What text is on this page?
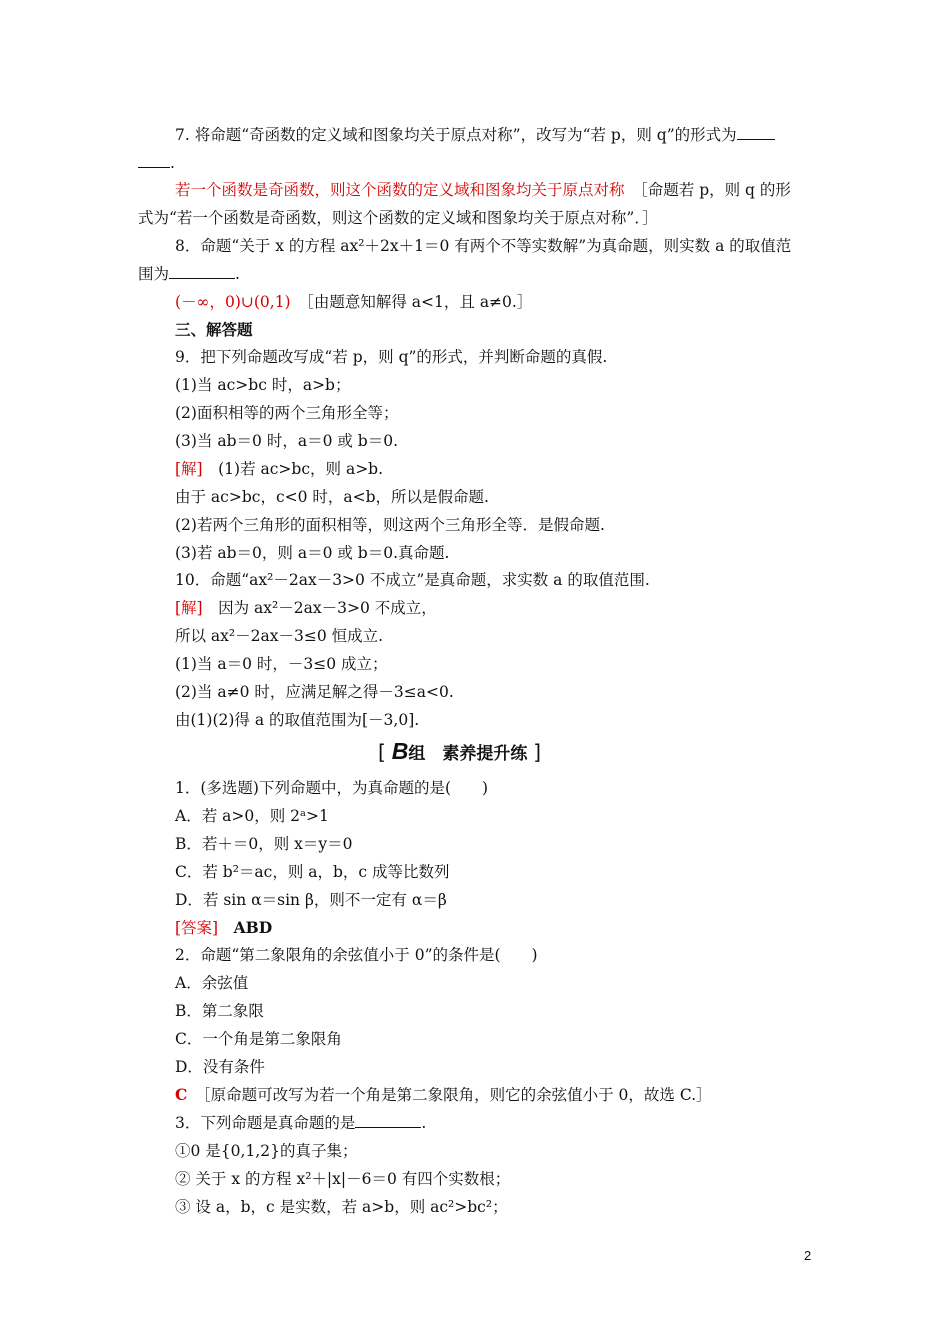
7. 将命题“奇函数的定义域和图象均关于原点对称”，改写为“若 p，则 q”的形式为
.
若一个函数是奇函数，则这个函数的定义域和图象均关于原点对称　 ［命题若 p，则 q 的形
式为“若一个函数是奇函数，则这个函数的定义域和图象均关于原点对称”．］
8．命题“关于 x 的方程 ax²＋2x＋1＝0 有两个不等实数解”为真命题，则实数 a 的取值范
围为	.
(－∞，0)∪(0,1)　 ［由题意知解得 a<1，且 a≠0.］
三、解答题
9．把下列命题改写成“若 p，则 q”的形式，并判断命题的真假.
(1)当 ac>bc 时，a>b；
(2)面积相等的两个三角形全等；
(3)当 ab＝0 时，a＝0 或 b＝0.
[解]　 (1)若 ac>bc，则 a>b.
由于 ac>bc，c<0 时，a<b，所以是假命题.
(2)若两个三角形的面积相等，则这两个三角形全等．是假命题.
(3)若 ab＝0，则 a＝0 或 b＝0.真命题.
10．命题“ax²－2ax－3>0 不成立”是真命题，求实数 a 的取值范围.
[解]　 因为 ax²－2ax－3>0 不成立，
所以 ax²－2ax－3≤0 恒成立.
(1)当 a＝0 时，－3≤0 成立；
(2)当 a≠0 时，应满足解之得－3≤a<0.
由(1)(2)得 a 的取值范围为[－3,0].
[ B组　素养提升练 ]
1．(多选题)下列命题中，为真命题的是(　　)
A．若 a>0，则 2ᵃ>1
B．若＋＝0，则 x＝y＝0
C．若 b²＝ac，则 a，b，c 成等比数列
D．若 sin α＝sin β，则不一定有 α＝β
[答案]　 ABD
2．命题“第二象限角的余弦值小于 0”的条件是(　　)
A．余弦值
B．第二象限
C．一个角是第二象限角
D．没有条件
C　 ［原命题可改写为若一个角是第二象限角，则它的余弦值小于 0，故选 C.］
3．下列命题是真命题的是	.
①0 是{0,1,2}的真子集；
② 关于 x 的方程 x²＋|x|－6＝0 有四个实数根；
③ 设 a，b，c 是实数，若 a>b，则 ac²>bc²；
2
